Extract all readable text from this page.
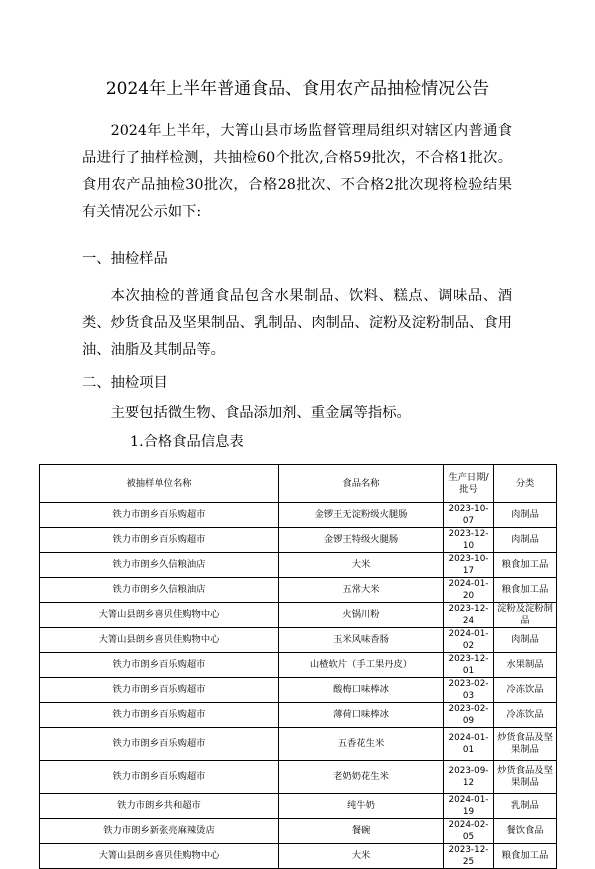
2024年上半年普通食品、食用农产品抽检情况公告
2024年上半年，大箐山县市场监督管理局组织对辖区内普通食品进行了抽样检测，共抽检60个批次,合格59批次，不合格1批次。食用农产品抽检30批次，合格28批次、不合格2批次现将检验结果有关情况公示如下:
一、抽检样品
本次抽检的普通食品包含水果制品、饮料、糕点、调味品、酒类、炒货食品及坚果制品、乳制品、肉制品、淀粉及淀粉制品、食用油、油脂及其制品等。
二、抽检项目
主要包括微生物、食品添加剂、重金属等指标。
1.合格食品信息表
被抽样单位名称	食品名称	生产日期/批号	分类
铁力市朗乡百乐购超市	金锣王无淀粉级火腿肠	2023-10-07	肉制品
铁力市朗乡百乐购超市	金锣王特级火腿肠	2023-12-10	肉制品
铁力市朗乡久信粮油店	大米	2023-10-17	粮食加工品
铁力市朗乡久信粮油店	五常大米	2024-01-20	粮食加工品
大箐山县朗乡喜贝佳购物中心	火锅川粉	2023-12-24	淀粉及淀粉制品
大箐山县朗乡喜贝佳购物中心	玉米风味香肠	2024-01-02	肉制品
铁力市朗乡百乐购超市	山楂软片（手工果丹皮）	2023-12-01	水果制品
铁力市朗乡百乐购超市	酸梅口味棒冰	2023-02-03	冷冻饮品
铁力市朗乡百乐购超市	薄荷口味棒冰	2023-02-09	冷冻饮品
铁力市朗乡百乐购超市	五香花生米	2024-01-01	炒货食品及坚果制品
铁力市朗乡百乐购超市	老奶奶花生米	2023-09-12	炒货食品及坚果制品
铁力市朗乡共和超市	纯牛奶	2024-01-19	乳制品
铁力市朗乡新张亮麻辣烫店	餐碗	2024-02-05	餐饮食品
大箐山县朗乡喜贝佳购物中心	大米	2023-12-25	粮食加工品
